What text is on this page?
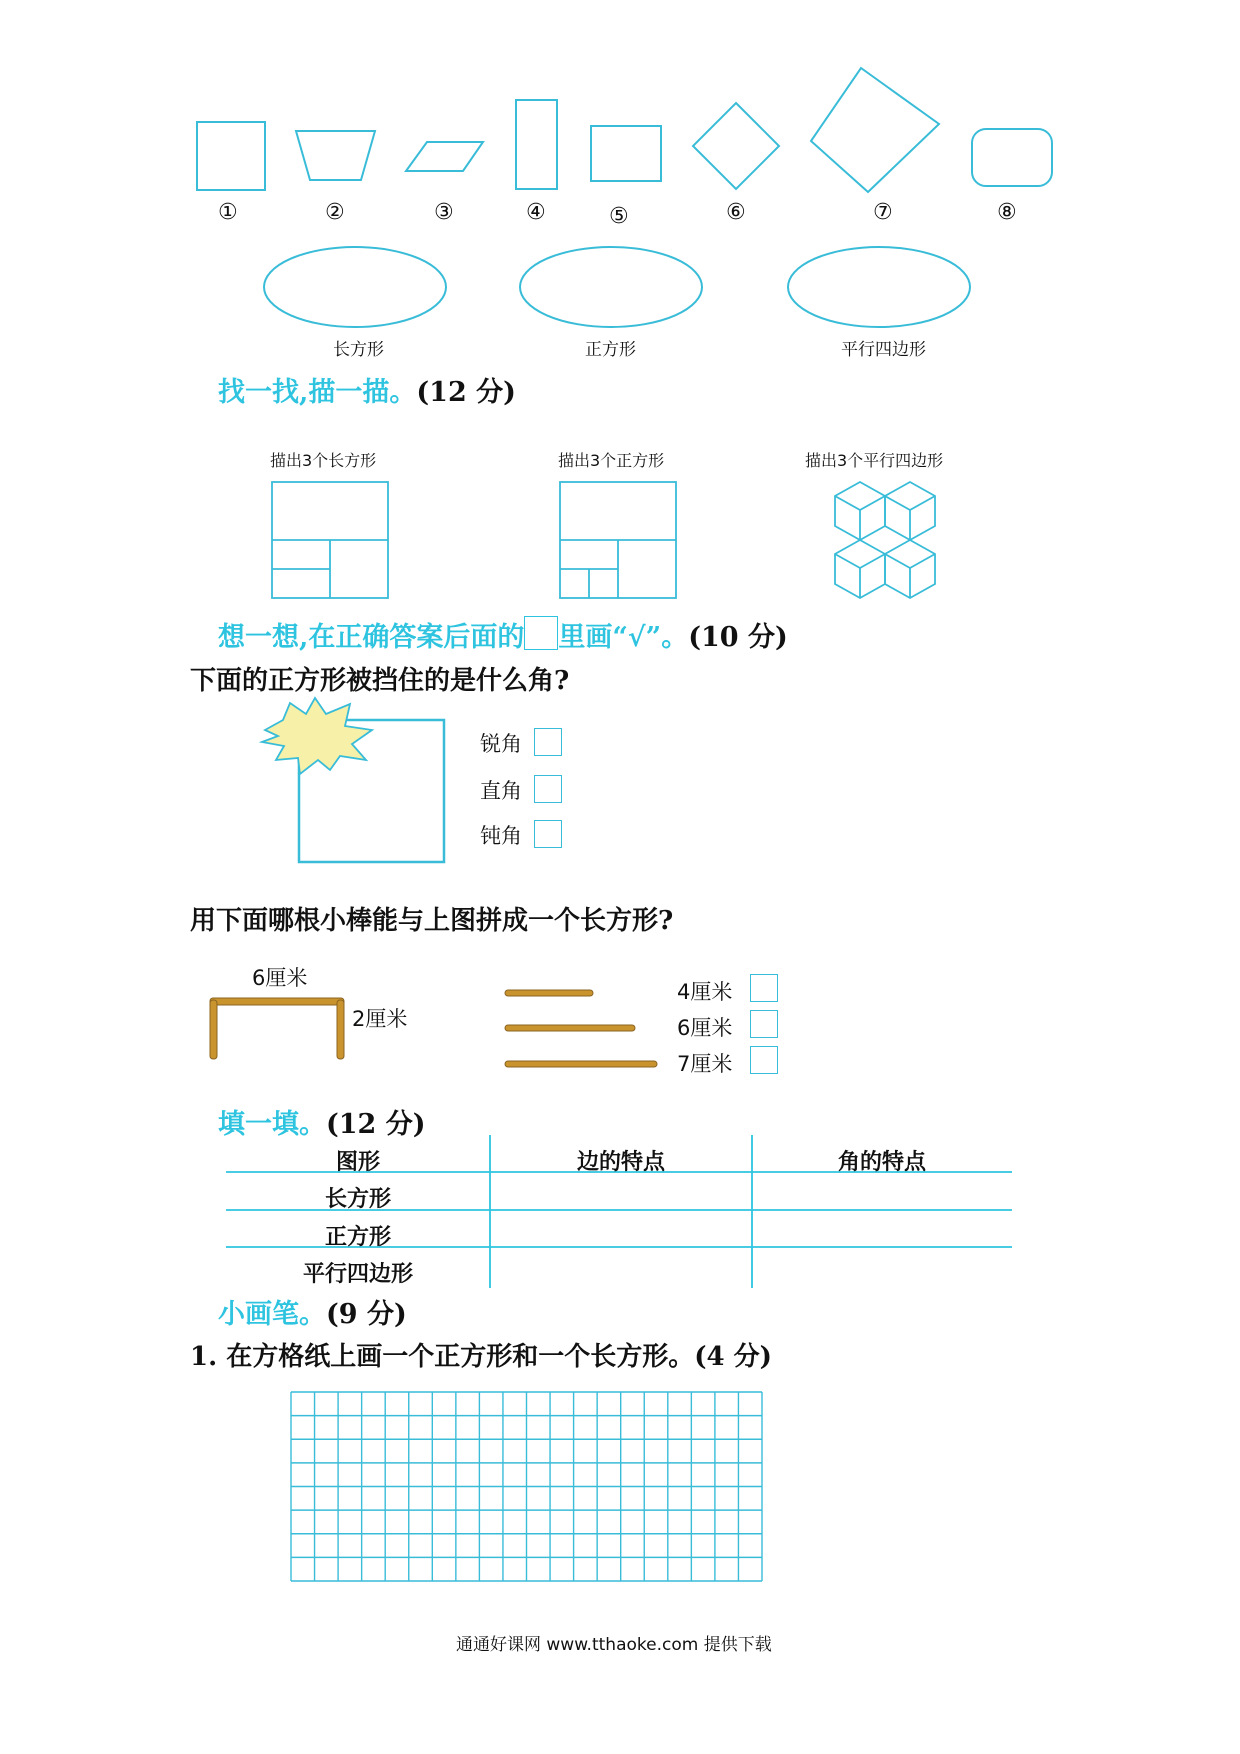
①	②	③	④	⑤	⑥	⑦	⑧
长方形	正方形	平行四边形
找一找,描一描。(12 分)
描出3个长方形	描出3个正方形	描出3个平行四边形
想一想,在正确答案后面的 里画“√”。(10 分)
下面的正方形被挡住的是什么角?
锐角
直角
钝角
用下面哪根小棒能与上图拼成一个长方形?
6厘米
2厘米
4厘米
6厘米
7厘米
填一填。(12 分)
图形	边的特点	角的特点
长方形
正方形
平行四边形
小画笔。(9 分)
1. 在方格纸上画一个正方形和一个长方形。(4 分)
通通好课网 www.tthaoke.com 提供下载
